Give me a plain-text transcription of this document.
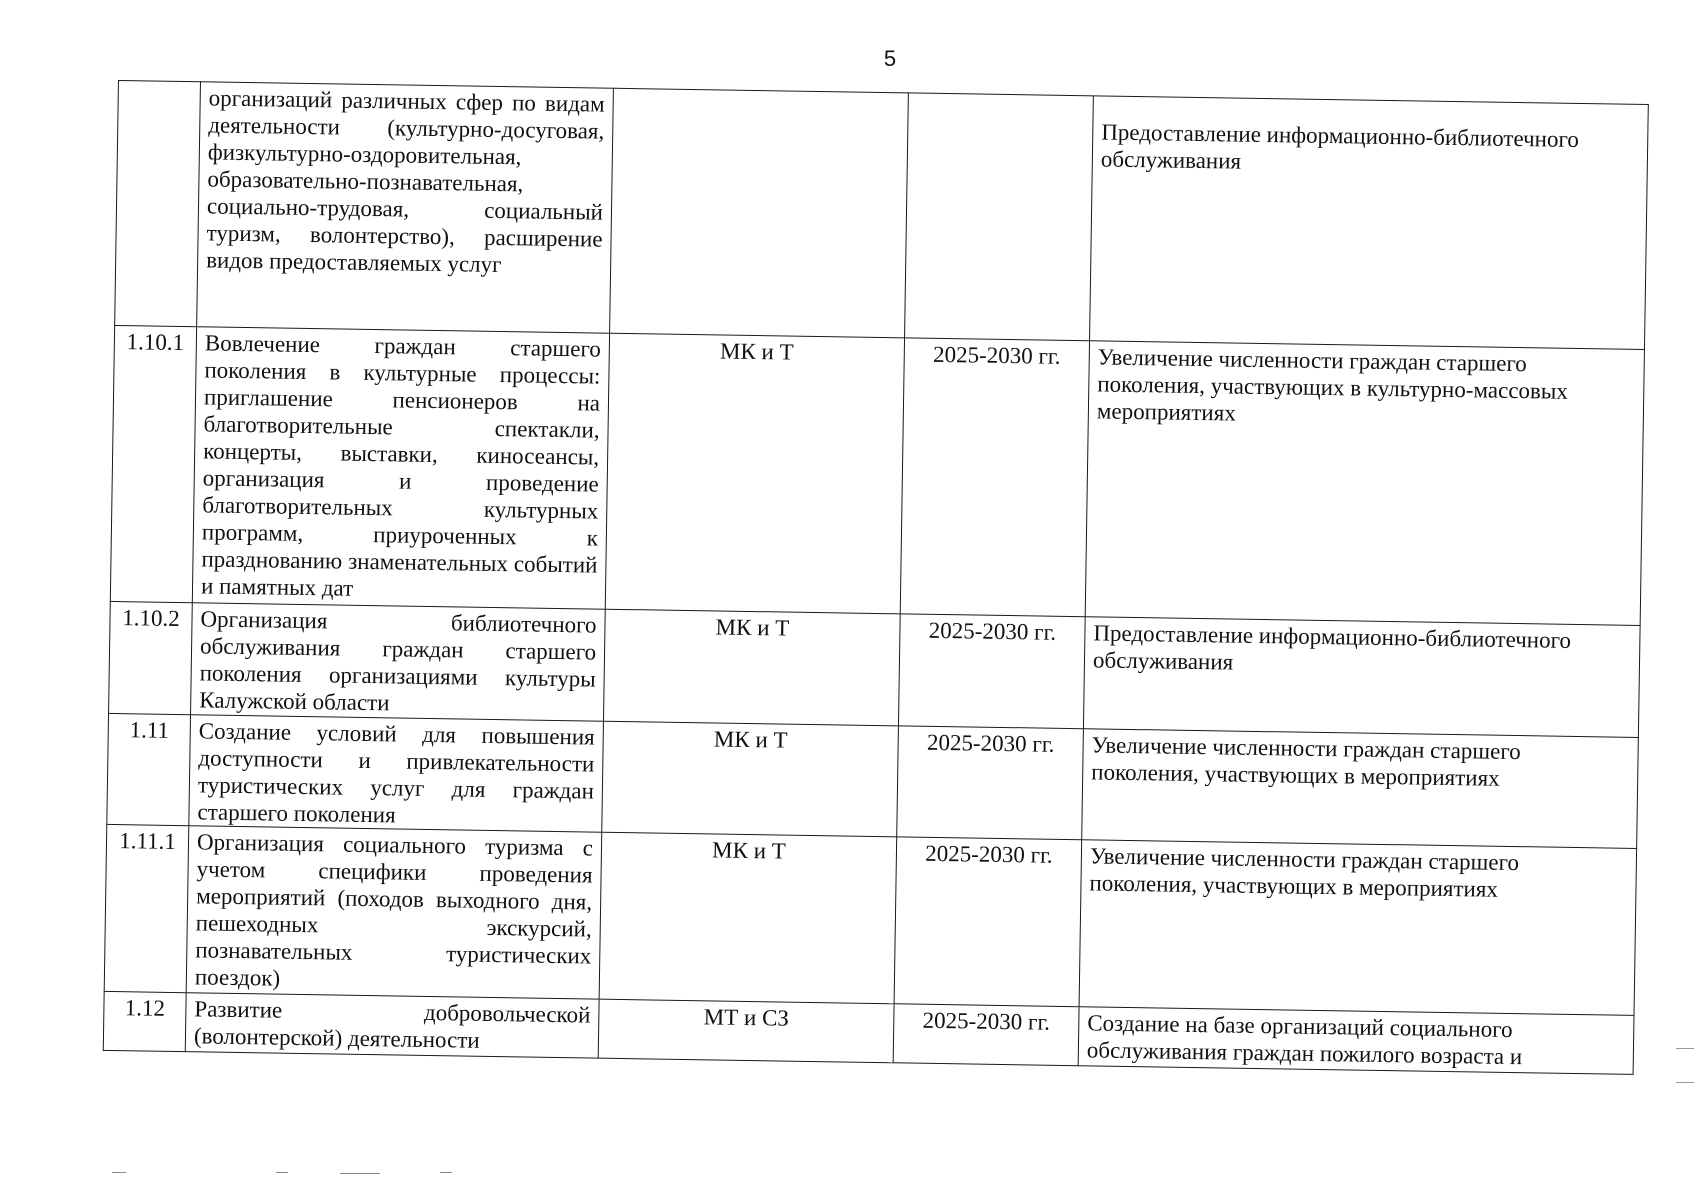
5
	организаций различных сфер по видам деятельности (культурно-досуговая, физкультурно-оздоровительная, образовательно-познавательная, социально-трудовая, социальный туризм, волонтерство), расширение видов предоставляемых услуг			Предоставление информационно-библиотечного обслуживания
1.10.1	Вовлечение граждан старшего поколения в культурные процессы: приглашение пенсионеров на благотворительные спектакли, концерты, выставки, киносеансы, организация и проведение благотворительных культурных программ, приуроченных к празднованию знаменательных событий и памятных дат	МК и Т	2025-2030 гг.	Увеличение численности граждан старшего поколения, участвующих в культурно-массовых мероприятиях
1.10.2	Организация библиотечного обслуживания граждан старшего поколения организациями культуры Калужской области	МК и Т	2025-2030 гг.	Предоставление информационно-библиотечного обслуживания
1.11	Создание условий для повышения доступности и привлекательности туристических услуг для граждан старшего поколения	МК и Т	2025-2030 гг.	Увеличение численности граждан старшего поколения, участвующих в мероприятиях
1.11.1	Организация социального туризма с учетом специфики проведения мероприятий (походов выходного дня, пешеходных экскурсий, познавательных туристических поездок)	МК и Т	2025-2030 гг.	Увеличение численности граждан старшего поколения, участвующих в мероприятиях
1.12	Развитие добровольческой (волонтерской) деятельности	МТ и СЗ	2025-2030 гг.	Создание на базе организаций социального обслуживания граждан пожилого возраста и
